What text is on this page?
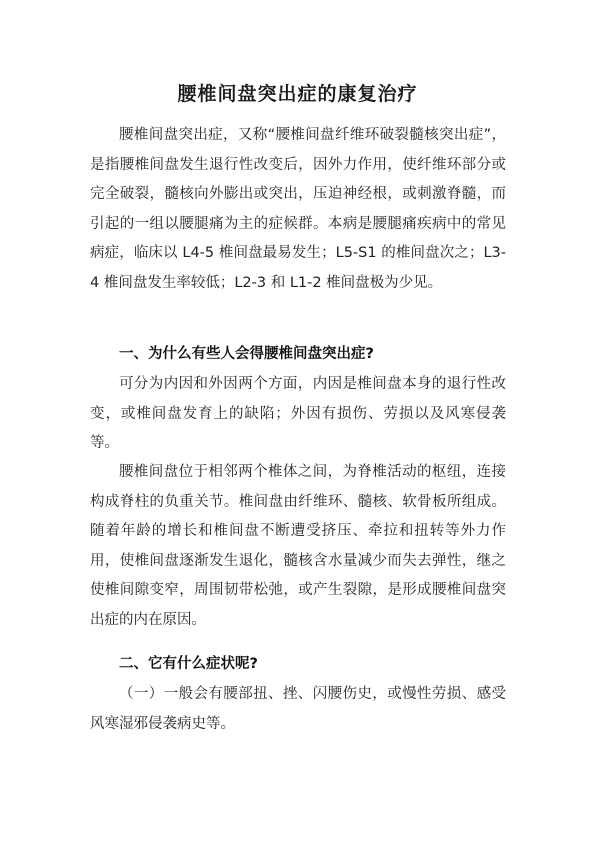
腰椎间盘突出症的康复治疗

腰椎间盘突出症，又称“腰椎间盘纤维环破裂髓核突出症”，是指腰椎间盘发生退行性改变后，因外力作用，使纤维环部分或完全破裂，髓核向外膨出或突出，压迫神经根，或刺激脊髓，而引起的一组以腰腿痛为主的症候群。本病是腰腿痛疾病中的常见病症，临床以 L4-5 椎间盘最易发生；L5-S1 的椎间盘次之；L3-4 椎间盘发生率较低；L2-3 和 L1-2 椎间盘极为少见。

一、为什么有些人会得腰椎间盘突出症?

可分为内因和外因两个方面，内因是椎间盘本身的退行性改变，或椎间盘发育上的缺陷；外因有损伤、劳损以及风寒侵袭等。

腰椎间盘位于相邻两个椎体之间，为脊椎活动的枢纽，连接构成脊柱的负重关节。椎间盘由纤维环、髓核、软骨板所组成。随着年龄的增长和椎间盘不断遭受挤压、牵拉和扭转等外力作用，使椎间盘逐渐发生退化，髓核含水量减少而失去弹性，继之使椎间隙变窄，周围韧带松弛，或产生裂隙，是形成腰椎间盘突出症的内在原因。

二、它有什么症状呢?

（一）一般会有腰部扭、挫、闪腰伤史，或慢性劳损、感受风寒湿邪侵袭病史等。
